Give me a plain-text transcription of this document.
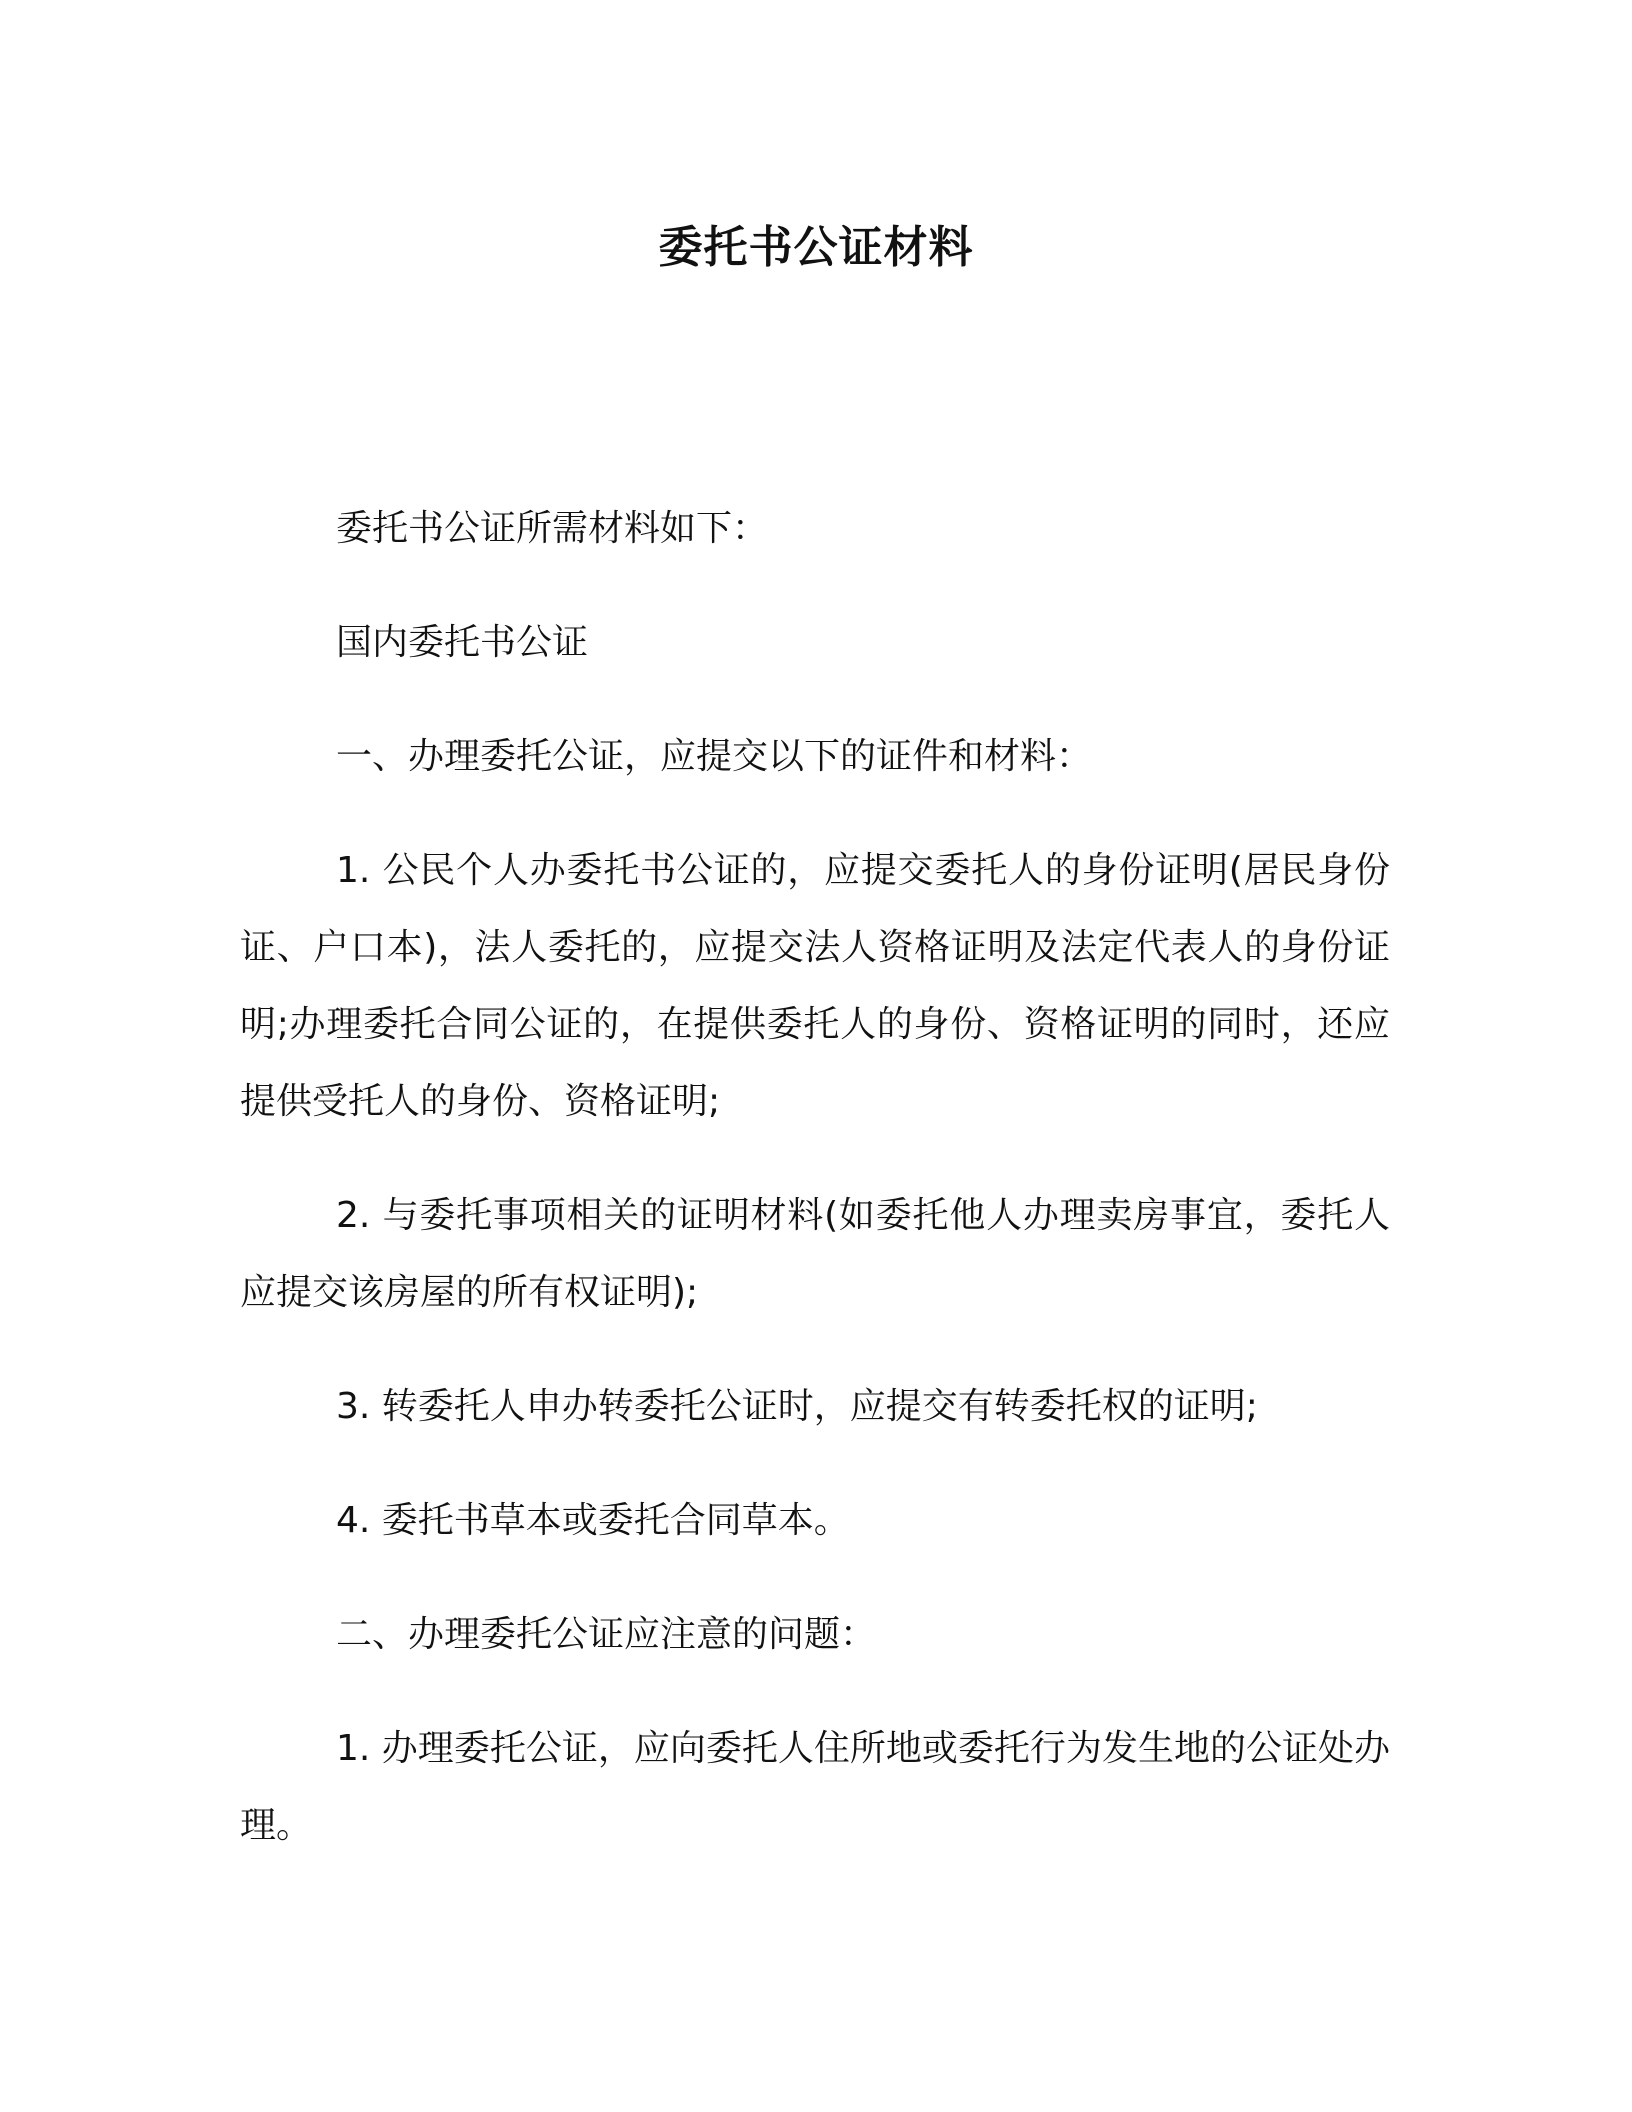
委托书公证材料

委托书公证所需材料如下：

国内委托书公证

一、办理委托公证，应提交以下的证件和材料：

1. 公民个人办委托书公证的，应提交委托人的身份证明(居民身份证、户口本)，法人委托的，应提交法人资格证明及法定代表人的身份证明;办理委托合同公证的，在提供委托人的身份、资格证明的同时，还应提供受托人的身份、资格证明;

2. 与委托事项相关的证明材料(如委托他人办理卖房事宜，委托人应提交该房屋的所有权证明);

3. 转委托人申办转委托公证时，应提交有转委托权的证明;

4. 委托书草本或委托合同草本。

二、办理委托公证应注意的问题：

1. 办理委托公证，应向委托人住所地或委托行为发生地的公证处办理。
